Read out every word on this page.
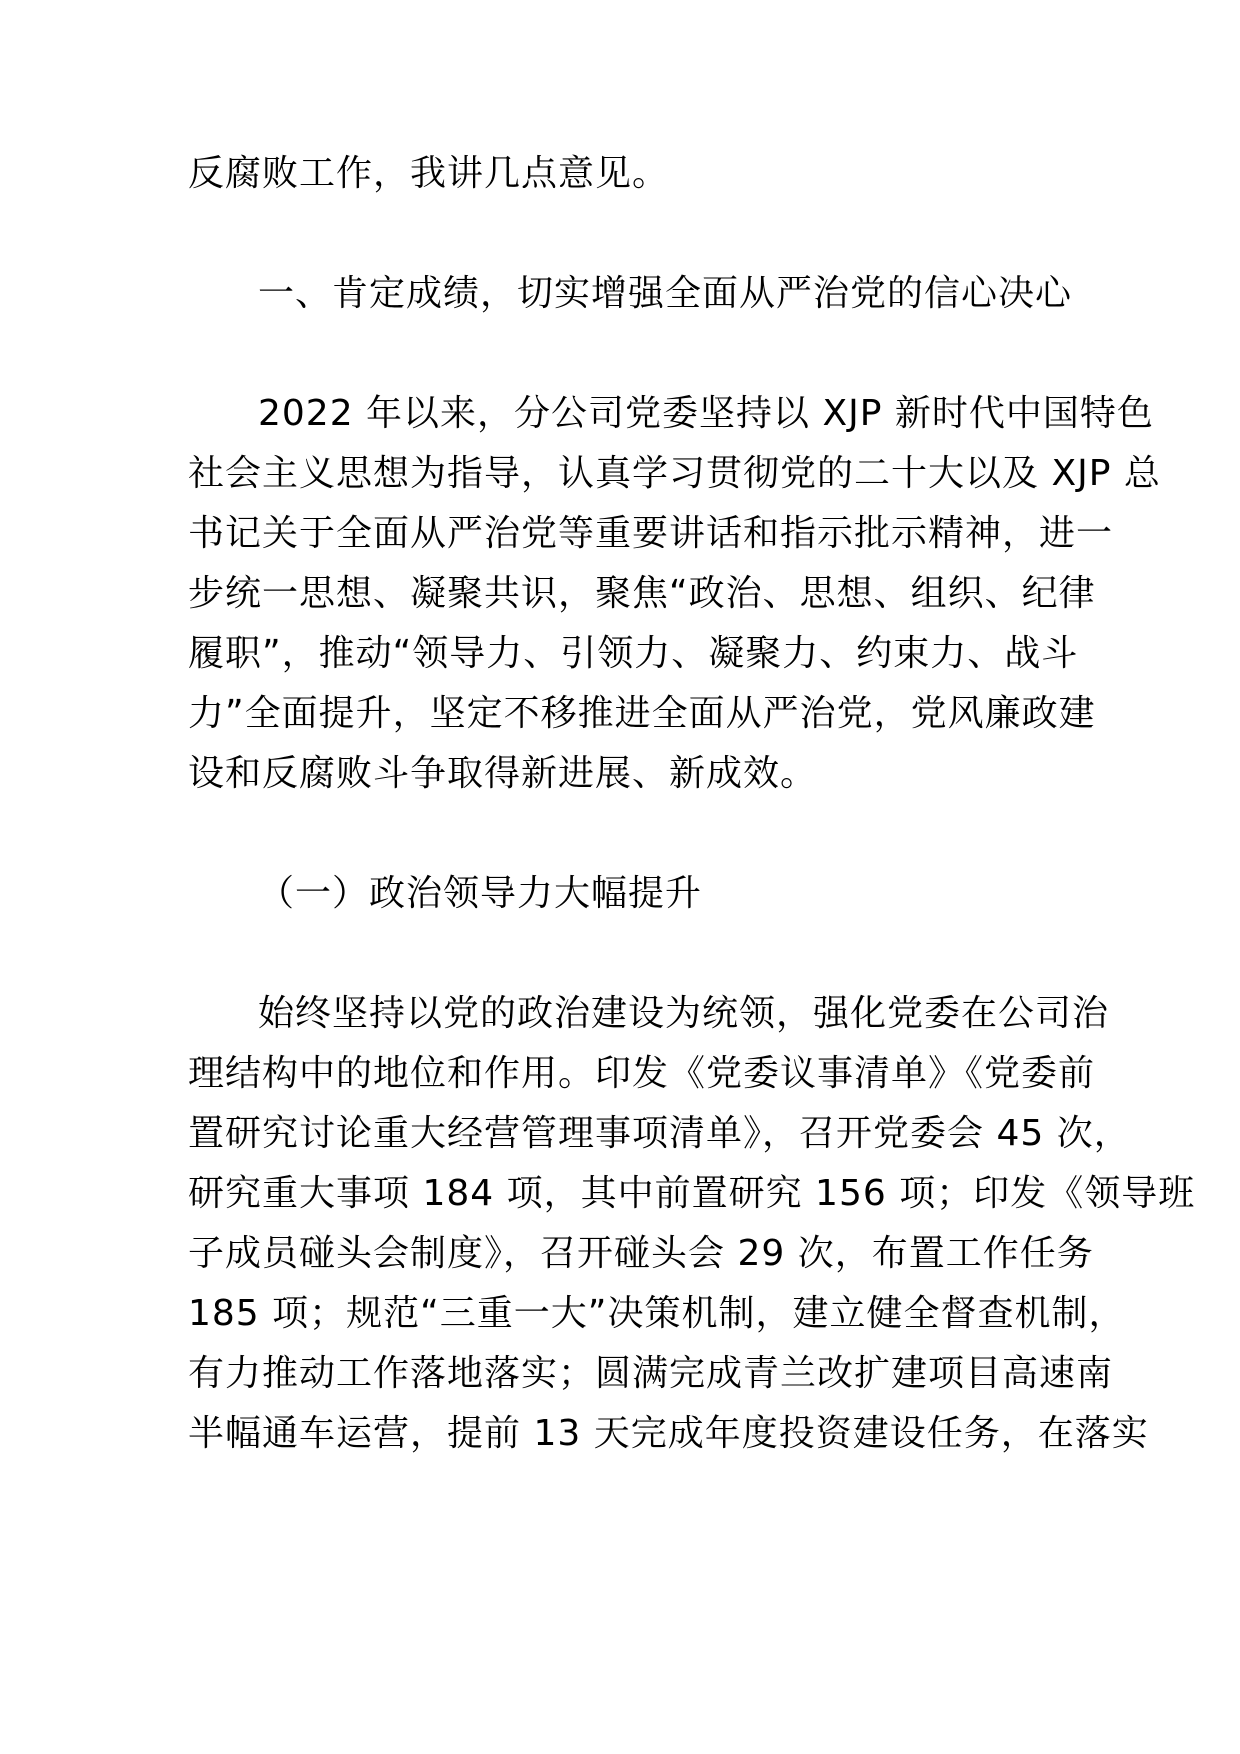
反腐败工作，我讲几点意见。
一、肯定成绩，切实增强全面从严治党的信心决心
2022 年以来，分公司党委坚持以 XJP 新时代中国特色
社会主义思想为指导，认真学习贯彻党的二十大以及 XJP 总
书记关于全面从严治党等重要讲话和指示批示精神，进一
步统一思想、凝聚共识，聚焦“政治、思想、组织、纪律
履职”，推动“领导力、引领力、凝聚力、约束力、战斗
力”全面提升，坚定不移推进全面从严治党，党风廉政建
设和反腐败斗争取得新进展、新成效。
（一）政治领导力大幅提升
始终坚持以党的政治建设为统领，强化党委在公司治
理结构中的地位和作用。印发《党委议事清单》《党委前
置研究讨论重大经营管理事项清单》，召开党委会 45 次，
研究重大事项 184 项，其中前置研究 156 项；印发《领导班
子成员碰头会制度》，召开碰头会 29 次，布置工作任务
185 项；规范“三重一大”决策机制，建立健全督查机制，
有力推动工作落地落实；圆满完成青兰改扩建项目高速南
半幅通车运营，提前 13 天完成年度投资建设任务，在落实
